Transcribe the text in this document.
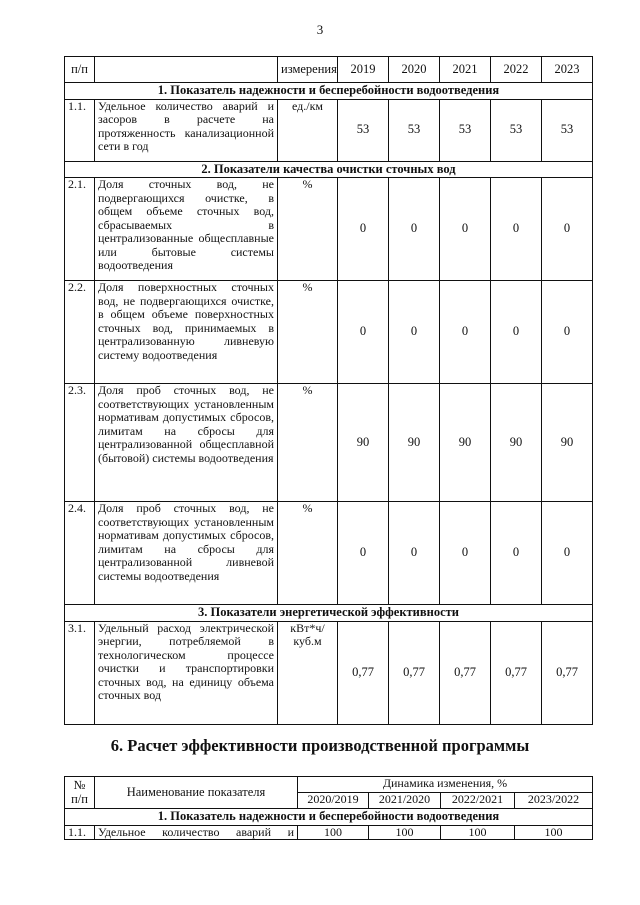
3
п/п		измерения	2019	2020	2021	2022	2023
1. Показатель надежности и бесперебойности водоотведения							
1.1.	Удельное количество аварий и засоров в расчете на протяженность канализационной сети в год	ед./км	53	53	53	53	53
2. Показатели качества очистки сточных вод							
2.1.	Доля сточных вод, не подвергающихся очистке, в общем объеме сточных вод, сбрасываемых в централизованные общесплавные или бытовые системы водоотведения	%	0	0	0	0	0
2.2.	Доля поверхностных сточных вод, не подвергающихся очистке, в общем объеме поверхностных сточных вод, принимаемых в централизованную ливневую систему водоотведения	%	0	0	0	0	0
2.3.	Доля проб сточных вод, не соответствующих установленным нормативам допустимых сбросов, лимитам на сбросы для централизованной общесплавной (бытовой) системы водоотведения	%	90	90	90	90	90
2.4.	Доля проб сточных вод, не соответствующих установленным нормативам допустимых сбросов, лимитам на сбросы для централизованной ливневой системы водоотведения	%	0	0	0	0	0
3. Показатели энергетической эффективности							
3.1.	Удельный расход электрической энергии, потребляемой в технологическом процессе очистки и транспортировки сточных вод, на единицу объема сточных вод	кВт*ч/ куб.м	0,77	0,77	0,77	0,77	0,77
6. Расчет эффективности производственной программы
№ п/п	Наименование показателя	Динамика изменения, %			
		2020/2019	2021/2020	2022/2021	2023/2022
1. Показатель надежности и бесперебойности водоотведения					
1.1.	Удельное количество аварий и	100	100	100	100
